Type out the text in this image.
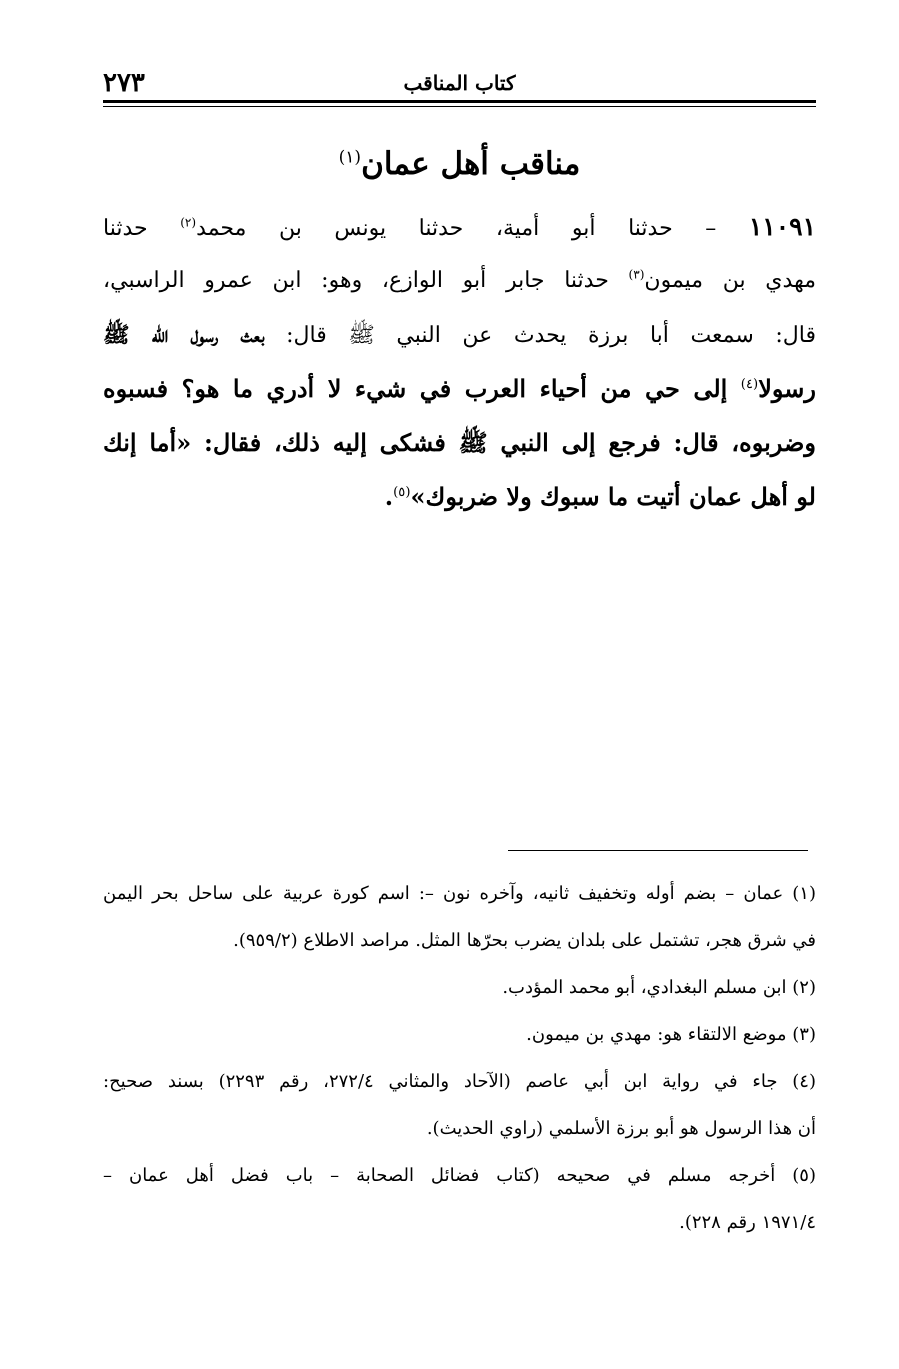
٢٧٣	كتاب المناقب
مناقب أهل عمان$^{(١)}$
١١٠٩١ – حدثنا أبو أمية، حدثنا يونس بن محمد$^{(٢)}$ حدثنا
مهدي بن ميمون$^{(٣)}$ حدثنا جابر أبو الوازع، وهو: ابن عمرو الراسبي،
قال: سمعت أبا برزة يحدث عن النبي ﷺ قال: بعث رسول الله ﷺ
رسولا$^{(٤)}$ إلى حي من أحياء العرب في شيء لا أدري ما هو؟ فسبوه
وضربوه، قال: فرجع إلى النبي ﷺ فشكى إليه ذلك، فقال: «أما إنك
لو أهل عمان أتيت ما سبوك ولا ضربوك»$^{(٥)}$.
(١) عمان – بضم أوله وتخفيف ثانيه، وآخره نون –: اسم كورة عربية على ساحل بحر اليمن
في شرق هجر، تشتمل على بلدان يضرب بحرّها المثل. مراصد الاطلاع (٩٥٩/٢).
(٢) ابن مسلم البغدادي، أبو محمد المؤدب.
(٣) موضع الالتقاء هو: مهدي بن ميمون.
(٤) جاء في رواية ابن أبي عاصم (الآحاد والمثاني ٢٧٢/٤، رقم ٢٢٩٣) بسند صحيح:
أن هذا الرسول هو أبو برزة الأسلمي (راوي الحديث).
(٥) أخرجه مسلم في صحيحه (كتاب فضائل الصحابة – باب فضل أهل عمان –
١٩٧١/٤ رقم ٢٢٨).
